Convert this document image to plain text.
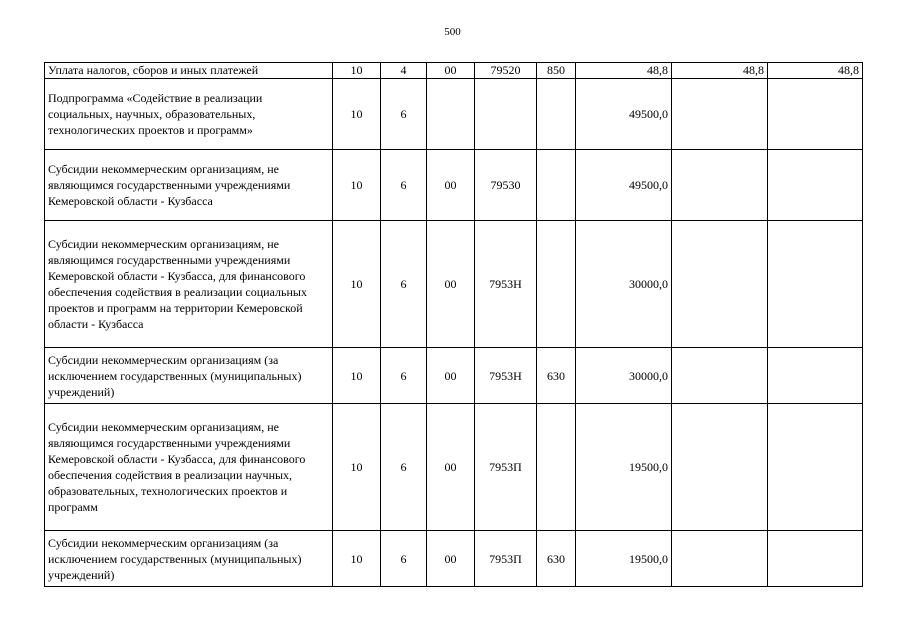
500
Уплата налогов, сборов и иных платежей	10	4	00	79520	850	48,8	48,8	48,8
Подпрограмма «Содействие в реализации социальных, научных, образовательных, технологических проектов и программ»	10	6				49500,0		
Субсидии некоммерческим организациям, не являющимся государственными учреждениями Кемеровской области - Кузбасса	10	6	00	79530		49500,0		
Субсидии некоммерческим организациям, не являющимся государственными учреждениями Кемеровской области - Кузбасса, для финансового обеспечения содействия в реализации социальных проектов и программ на территории Кемеровской области - Кузбасса	10	6	00	7953Н		30000,0		
Субсидии некоммерческим организациям (за исключением государственных (муниципальных) учреждений)	10	6	00	7953Н	630	30000,0		
Субсидии некоммерческим организациям, не являющимся государственными учреждениями Кемеровской области - Кузбасса, для финансового обеспечения содействия в реализации научных, образовательных, технологических проектов и программ	10	6	00	7953П		19500,0		
Субсидии некоммерческим организациям (за исключением государственных (муниципальных) учреждений)	10	6	00	7953П	630	19500,0		
